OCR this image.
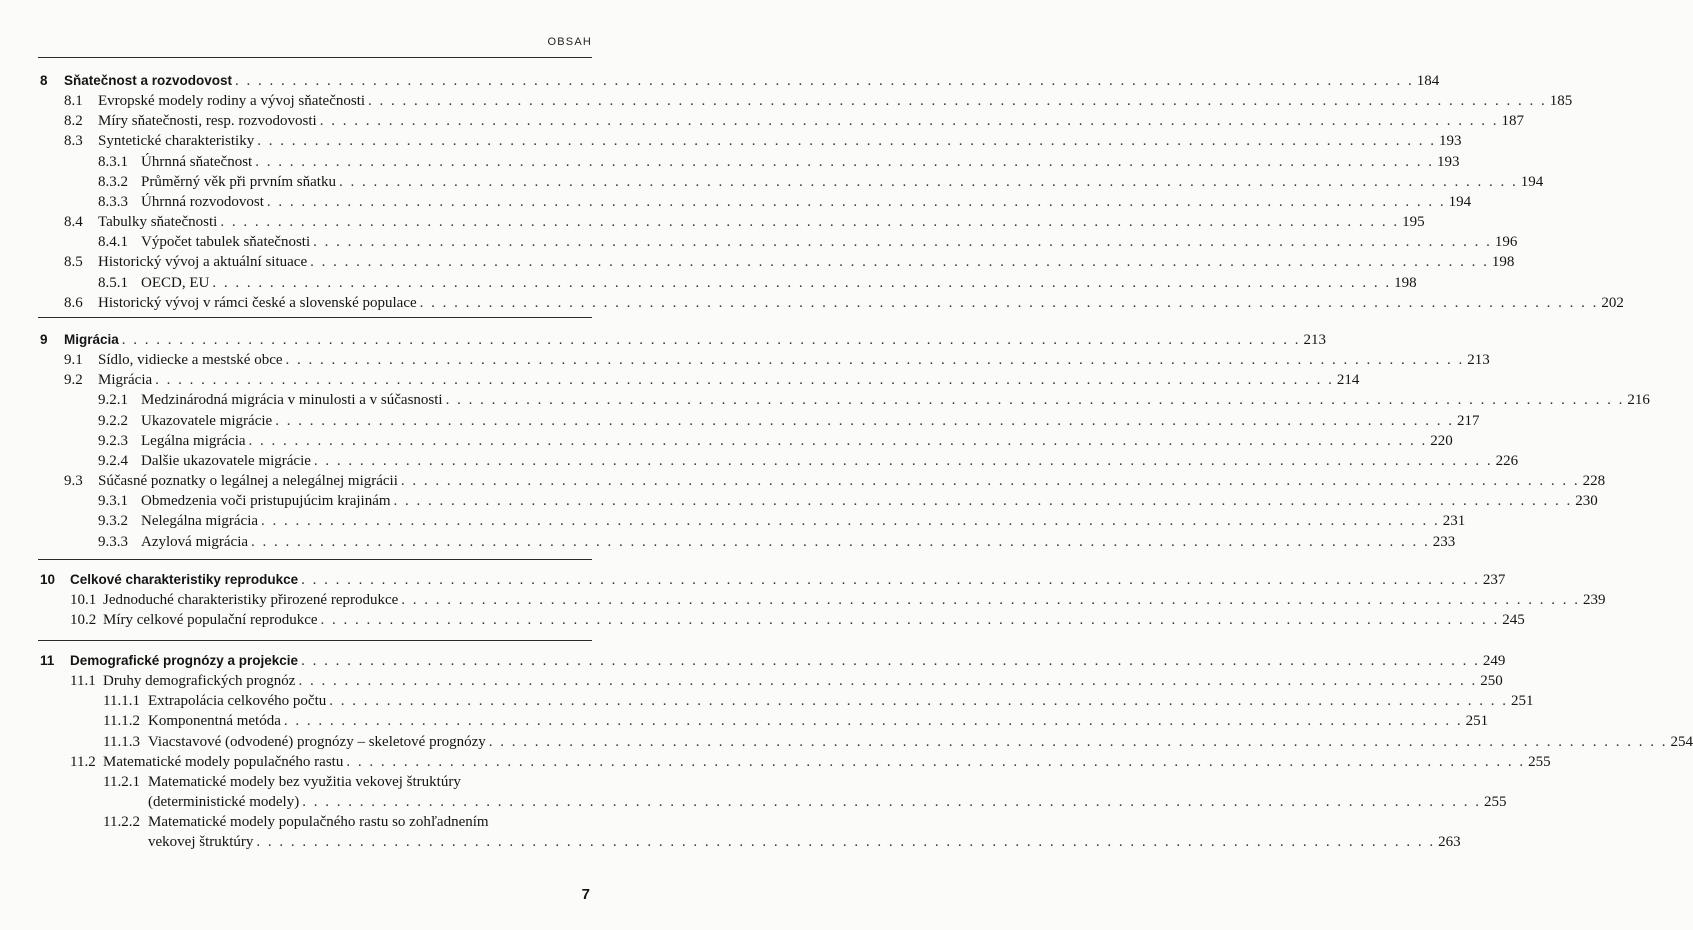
OBSAH
8 Sňatečnost a rozvodovost . . . . . . . . . . . . . . . . . . . . . . . . . . . . . . . . . . . . . . . . . . . . . . . . . . . . . . . . . . . . . . . . . . . . . . . . . . . . . . . . . . . . . . . . . . . . . . . . . . . . . . . 184
8.1 Evropské modely rodiny a vývoj sňatečnosti . . . . . . . . . . . . . . . . . . . . . . . . . . . . . . . . . . . . . . . . . . . . . . . . . . . . . . . . . . . . . . . . . . . . . . . . . . . . . . . . . . . . . . . . . . . . . . . . . . . . . . . 185
8.2 Míry sňatečnosti, resp. rozvodovosti . . . . . . . . . . . . . . . . . . . . . . . . . . . . . . . . . . . . . . . . . . . . . . . . . . . . . . . . . . . . . . . . . . . . . . . . . . . . . . . . . . . . . . . . . . . . . . . . . . . . . . . 187
8.3 Syntetické charakteristiky . . . . . . . . . . . . . . . . . . . . . . . . . . . . . . . . . . . . . . . . . . . . . . . . . . . . . . . . . . . . . . . . . . . . . . . . . . . . . . . . . . . . . . . . . . . . . . . . . . . . . . . 193
8.3.1 Úhrnná sňatečnost . . . . . . . . . . . . . . . . . . . . . . . . . . . . . . . . . . . . . . . . . . . . . . . . . . . . . . . . . . . . . . . . . . . . . . . . . . . . . . . . . . . . . . . . . . . . . . . . . . . . . . . 193
8.3.2 Průměrný věk při prvním sňatku . . . . . . . . . . . . . . . . . . . . . . . . . . . . . . . . . . . . . . . . . . . . . . . . . . . . . . . . . . . . . . . . . . . . . . . . . . . . . . . . . . . . . . . . . . . . . . . . . . . . . . . 194
8.3.3 Úhrnná rozvodovost . . . . . . . . . . . . . . . . . . . . . . . . . . . . . . . . . . . . . . . . . . . . . . . . . . . . . . . . . . . . . . . . . . . . . . . . . . . . . . . . . . . . . . . . . . . . . . . . . . . . . . . 194
8.4 Tabulky sňatečnosti . . . . . . . . . . . . . . . . . . . . . . . . . . . . . . . . . . . . . . . . . . . . . . . . . . . . . . . . . . . . . . . . . . . . . . . . . . . . . . . . . . . . . . . . . . . . . . . . . . . . . . . 195
8.4.1 Výpočet tabulek sňatečnosti . . . . . . . . . . . . . . . . . . . . . . . . . . . . . . . . . . . . . . . . . . . . . . . . . . . . . . . . . . . . . . . . . . . . . . . . . . . . . . . . . . . . . . . . . . . . . . . . . . . . . . . 196
8.5 Historický vývoj a aktuální situace . . . . . . . . . . . . . . . . . . . . . . . . . . . . . . . . . . . . . . . . . . . . . . . . . . . . . . . . . . . . . . . . . . . . . . . . . . . . . . . . . . . . . . . . . . . . . . . . . . . . . . . 198
8.5.1 OECD, EU . . . . . . . . . . . . . . . . . . . . . . . . . . . . . . . . . . . . . . . . . . . . . . . . . . . . . . . . . . . . . . . . . . . . . . . . . . . . . . . . . . . . . . . . . . . . . . . . . . . . . . . 198
8.6 Historický vývoj v rámci české a slovenské populace . . . . . . . . . . . . . . . . . . . . . . . . . . . . . . . . . . . . . . . . . . . . . . . . . . . . . . . . . . . . . . . . . . . . . . . . . . . . . . . . . . . . . . . . . . . . . . . . . . . . . . . 202
9 Migrácia . . . . . . . . . . . . . . . . . . . . . . . . . . . . . . . . . . . . . . . . . . . . . . . . . . . . . . . . . . . . . . . . . . . . . . . . . . . . . . . . . . . . . . . . . . . . . . . . . . . . . . . 213
9.1 Sídlo, vidiecke a mestské obce . . . . . . . . . . . . . . . . . . . . . . . . . . . . . . . . . . . . . . . . . . . . . . . . . . . . . . . . . . . . . . . . . . . . . . . . . . . . . . . . . . . . . . . . . . . . . . . . . . . . . . . 213
9.2 Migrácia . . . . . . . . . . . . . . . . . . . . . . . . . . . . . . . . . . . . . . . . . . . . . . . . . . . . . . . . . . . . . . . . . . . . . . . . . . . . . . . . . . . . . . . . . . . . . . . . . . . . . . . 214
9.2.1 Medzinárodná migrácia v minulosti a v súčasnosti . . . . . . . . . . . . . . . . . . . . . . . . . . . . . . . . . . . . . . . . . . . . . . . . . . . . . . . . . . . . . . . . . . . . . . . . . . . . . . . . . . . . . . . . . . . . . . . . . . . . . . . 216
9.2.2 Ukazovatele migrácie . . . . . . . . . . . . . . . . . . . . . . . . . . . . . . . . . . . . . . . . . . . . . . . . . . . . . . . . . . . . . . . . . . . . . . . . . . . . . . . . . . . . . . . . . . . . . . . . . . . . . . . 217
9.2.3 Legálna migrácia . . . . . . . . . . . . . . . . . . . . . . . . . . . . . . . . . . . . . . . . . . . . . . . . . . . . . . . . . . . . . . . . . . . . . . . . . . . . . . . . . . . . . . . . . . . . . . . . . . . . . . . 220
9.2.4 Dalšie ukazovatele migrácie . . . . . . . . . . . . . . . . . . . . . . . . . . . . . . . . . . . . . . . . . . . . . . . . . . . . . . . . . . . . . . . . . . . . . . . . . . . . . . . . . . . . . . . . . . . . . . . . . . . . . . . 226
9.3 Súčasné poznatky o legálnej a nelegálnej migrácii . . . . . . . . . . . . . . . . . . . . . . . . . . . . . . . . . . . . . . . . . . . . . . . . . . . . . . . . . . . . . . . . . . . . . . . . . . . . . . . . . . . . . . . . . . . . . . . . . . . . . . . 228
9.3.1 Obmedzenia voči pristupujúcim krajinám . . . . . . . . . . . . . . . . . . . . . . . . . . . . . . . . . . . . . . . . . . . . . . . . . . . . . . . . . . . . . . . . . . . . . . . . . . . . . . . . . . . . . . . . . . . . . . . . . . . . . . . 230
9.3.2 Nelegálna migrácia . . . . . . . . . . . . . . . . . . . . . . . . . . . . . . . . . . . . . . . . . . . . . . . . . . . . . . . . . . . . . . . . . . . . . . . . . . . . . . . . . . . . . . . . . . . . . . . . . . . . . . . 231
9.3.3 Azylová migrácia . . . . . . . . . . . . . . . . . . . . . . . . . . . . . . . . . . . . . . . . . . . . . . . . . . . . . . . . . . . . . . . . . . . . . . . . . . . . . . . . . . . . . . . . . . . . . . . . . . . . . . . 233
10 Celkové charakteristiky reprodukce . . . . . . . . . . . . . . . . . . . . . . . . . . . . . . . . . . . . . . . . . . . . . . . . . . . . . . . . . . . . . . . . . . . . . . . . . . . . . . . . . . . . . . . . . . . . . . . . . . . . . . . 237
10.1 Jednoduché charakteristiky přirozené reprodukce . . . . . . . . . . . . . . . . . . . . . . . . . . . . . . . . . . . . . . . . . . . . . . . . . . . . . . . . . . . . . . . . . . . . . . . . . . . . . . . . . . . . . . . . . . . . . . . . . . . . . . . 239
10.2 Míry celkové populační reprodukce . . . . . . . . . . . . . . . . . . . . . . . . . . . . . . . . . . . . . . . . . . . . . . . . . . . . . . . . . . . . . . . . . . . . . . . . . . . . . . . . . . . . . . . . . . . . . . . . . . . . . . . 245
11 Demografické prognózy a projekcie . . . . . . . . . . . . . . . . . . . . . . . . . . . . . . . . . . . . . . . . . . . . . . . . . . . . . . . . . . . . . . . . . . . . . . . . . . . . . . . . . . . . . . . . . . . . . . . . . . . . . . . 249
11.1 Druhy demografických prognóz . . . . . . . . . . . . . . . . . . . . . . . . . . . . . . . . . . . . . . . . . . . . . . . . . . . . . . . . . . . . . . . . . . . . . . . . . . . . . . . . . . . . . . . . . . . . . . . . . . . . . . . 250
11.1.1 Extrapolácia celkového počtu . . . . . . . . . . . . . . . . . . . . . . . . . . . . . . . . . . . . . . . . . . . . . . . . . . . . . . . . . . . . . . . . . . . . . . . . . . . . . . . . . . . . . . . . . . . . . . . . . . . . . . . 251
11.1.2 Komponentná metóda . . . . . . . . . . . . . . . . . . . . . . . . . . . . . . . . . . . . . . . . . . . . . . . . . . . . . . . . . . . . . . . . . . . . . . . . . . . . . . . . . . . . . . . . . . . . . . . . . . . . . . . 251
11.1.3 Viacstavové (odvodené) prognózy – skeletové prognózy . . . . . . . . . . . . . . . . . . . . . . . . . . . . . . . . . . . . . . . . . . . . . . . . . . . . . . . . . . . . . . . . . . . . . . . . . . . . . . . . . . . . . . . . . . . . . . . . . . . . . . . 254
11.2 Matematické modely populačného rastu . . . . . . . . . . . . . . . . . . . . . . . . . . . . . . . . . . . . . . . . . . . . . . . . . . . . . . . . . . . . . . . . . . . . . . . . . . . . . . . . . . . . . . . . . . . . . . . . . . . . . . . 255
11.2.1 Matematické modely bez využitia vekovej štruktúry
(deterministické modely) . . . . . . . . . . . . . . . . . . . . . . . . . . . . . . . . . . . . . . . . . . . . . . . . . . . . . . . . . . . . . . . . . . . . . . . . . . . . . . . . . . . . . . . . . . . . . . . . . . . . . . . 255
11.2.2 Matematické modely populačného rastu so zohľadnením
vekovej štruktúry . . . . . . . . . . . . . . . . . . . . . . . . . . . . . . . . . . . . . . . . . . . . . . . . . . . . . . . . . . . . . . . . . . . . . . . . . . . . . . . . . . . . . . . . . . . . . . . . . . . . . . . 263
7
